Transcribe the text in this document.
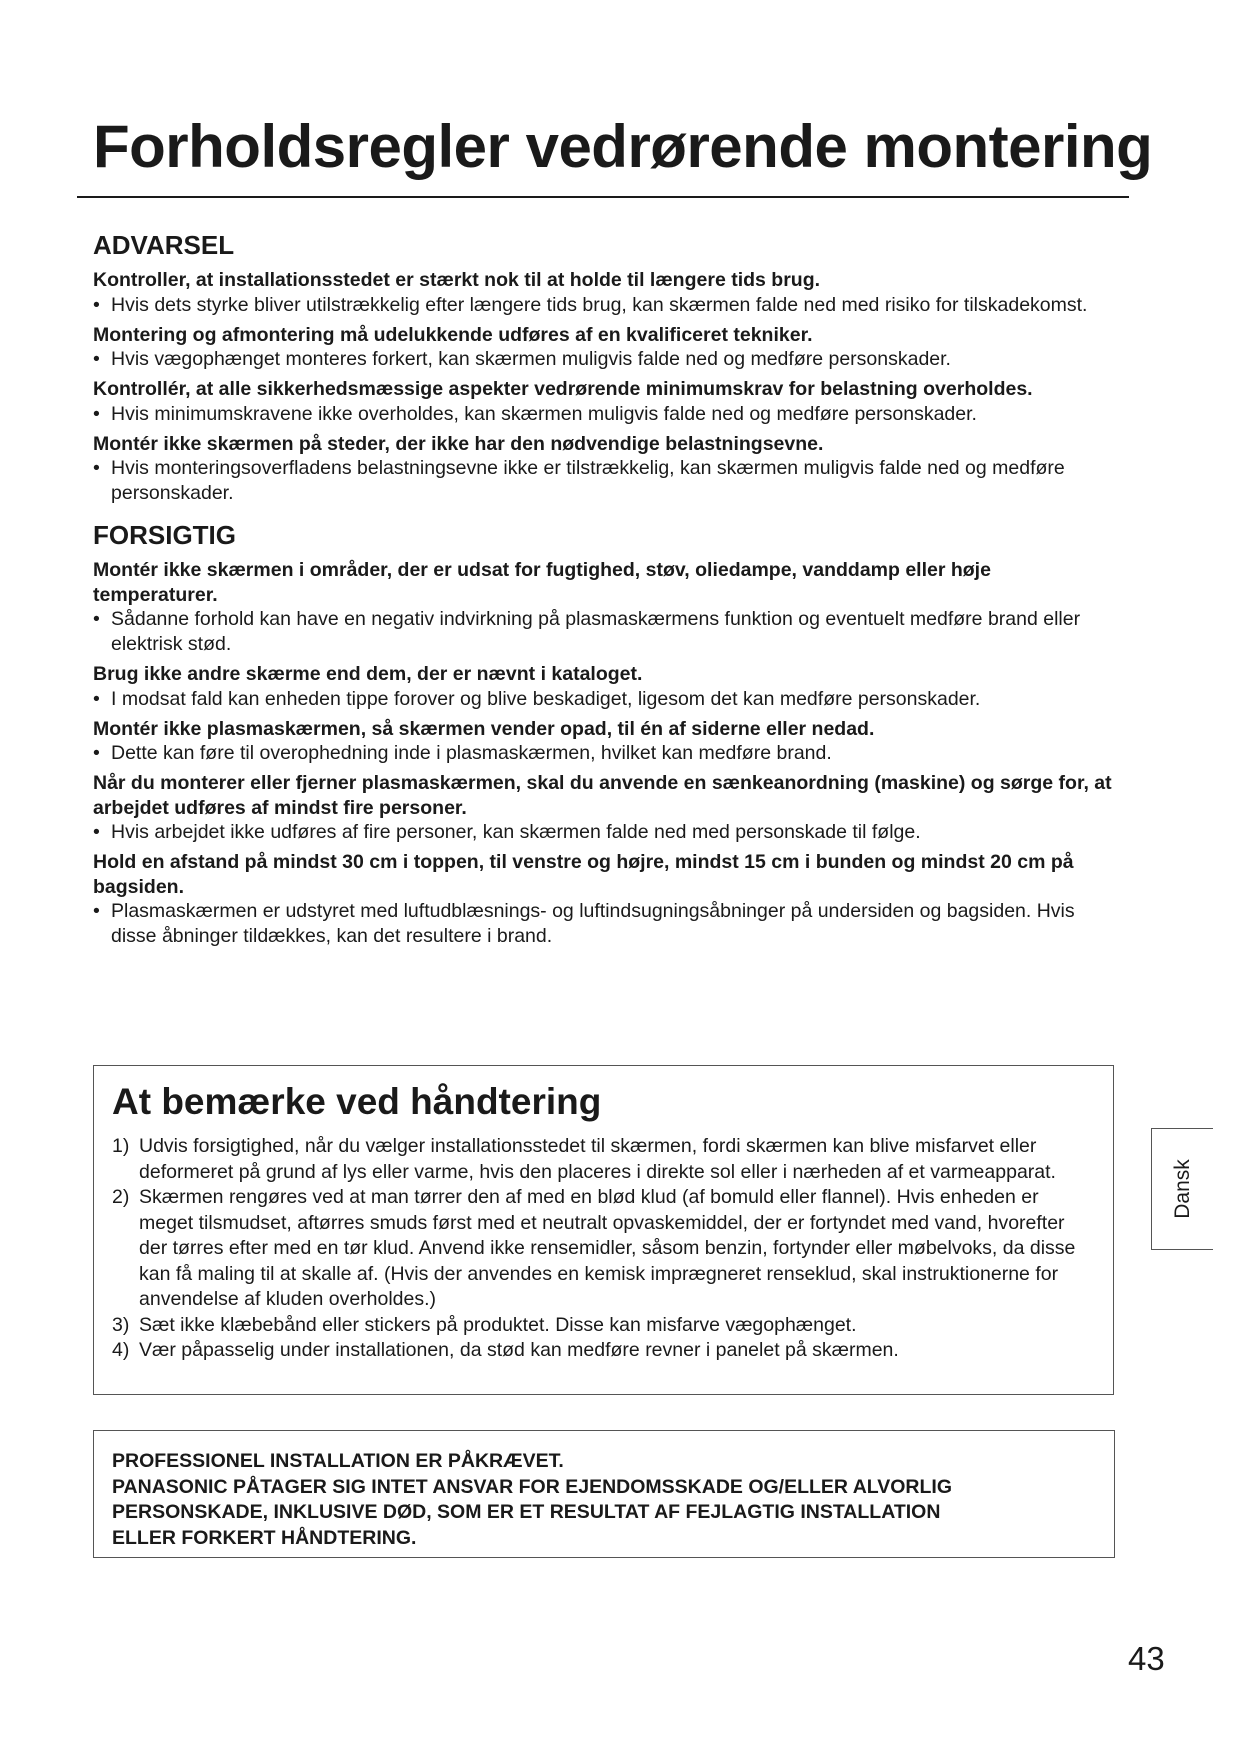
Forholdsregler vedrørende montering
ADVARSEL

Kontroller, at installationsstedet er stærkt nok til at holde til længere tids brug.

• Hvis dets styrke bliver utilstrækkelig efter længere tids brug, kan skærmen falde ned med risiko for tilskadekomst.

Montering og afmontering må udelukkende udføres af en kvalificeret tekniker.

• Hvis vægophænget monteres forkert, kan skærmen muligvis falde ned og medføre personskader.

Kontrollér, at alle sikkerhedsmæssige aspekter vedrørende minimumskrav for belastning overholdes.

• Hvis minimumskravene ikke overholdes, kan skærmen muligvis falde ned og medføre personskader.

Montér ikke skærmen på steder, der ikke har den nødvendige belastningsevne.

• Hvis monteringsoverfladens belastningsevne ikke er tilstrækkelig, kan skærmen muligvis falde ned og medføre personskader.

FORSIGTIG

Montér ikke skærmen i områder, der er udsat for fugtighed, støv, oliedampe, vanddamp eller høje temperaturer.

• Sådanne forhold kan have en negativ indvirkning på plasmaskærmens funktion og eventuelt medføre brand eller elektrisk stød.

Brug ikke andre skærme end dem, der er nævnt i kataloget.

• I modsat fald kan enheden tippe forover og blive beskadiget, ligesom det kan medføre personskader.

Montér ikke plasmaskærmen, så skærmen vender opad, til én af siderne eller nedad.

• Dette kan føre til overophedning inde i plasmaskærmen, hvilket kan medføre brand.

Når du monterer eller fjerner plasmaskærmen, skal du anvende en sænkeanordning (maskine) og sørge for, at arbejdet udføres af mindst fire personer.

• Hvis arbejdet ikke udføres af fire personer, kan skærmen falde ned med personskade til følge.

Hold en afstand på mindst 30 cm i toppen, til venstre og højre, mindst 15 cm i bunden og mindst 20 cm på bagsiden.

• Plasmaskærmen er udstyret med luftudblæsnings- og luftindsugningsåbninger på undersiden og bagsiden. Hvis disse åbninger tildækkes, kan det resultere i brand.

At bemærke ved håndtering

1) Udvis forsigtighed, når du vælger installationsstedet til skærmen, fordi skærmen kan blive misfarvet eller deformeret på grund af lys eller varme, hvis den placeres i direkte sol eller i nærheden af et varmeapparat.

2) Skærmen rengøres ved at man tørrer den af med en blød klud (af bomuld eller flannel). Hvis enheden er meget tilsmudset, aftørres smuds først med et neutralt opvaskemiddel, der er fortyndet med vand, hvorefter der tørres efter med en tør klud. Anvend ikke rensemidler, såsom benzin, fortynder eller møbelvoks, da disse kan få maling til at skalle af. (Hvis der anvendes en kemisk imprægneret renseklud, skal instruktionerne for anvendelse af kluden overholdes.)

3) Sæt ikke klæbebånd eller stickers på produktet. Disse kan misfarve vægophænget.

4) Vær påpasselig under installationen, da stød kan medføre revner i panelet på skærmen.

PROFESSIONEL INSTALLATION ER PÅKRÆVET.

PANASONIC PÅTAGER SIG INTET ANSVAR FOR EJENDOMSSKADE OG/ELLER ALVORLIG

PERSONSKADE, INKLUSIVE DØD, SOM ER ET RESULTAT AF FEJLAGTIG INSTALLATION

ELLER FORKERT HÅNDTERING.

Dansk

43
